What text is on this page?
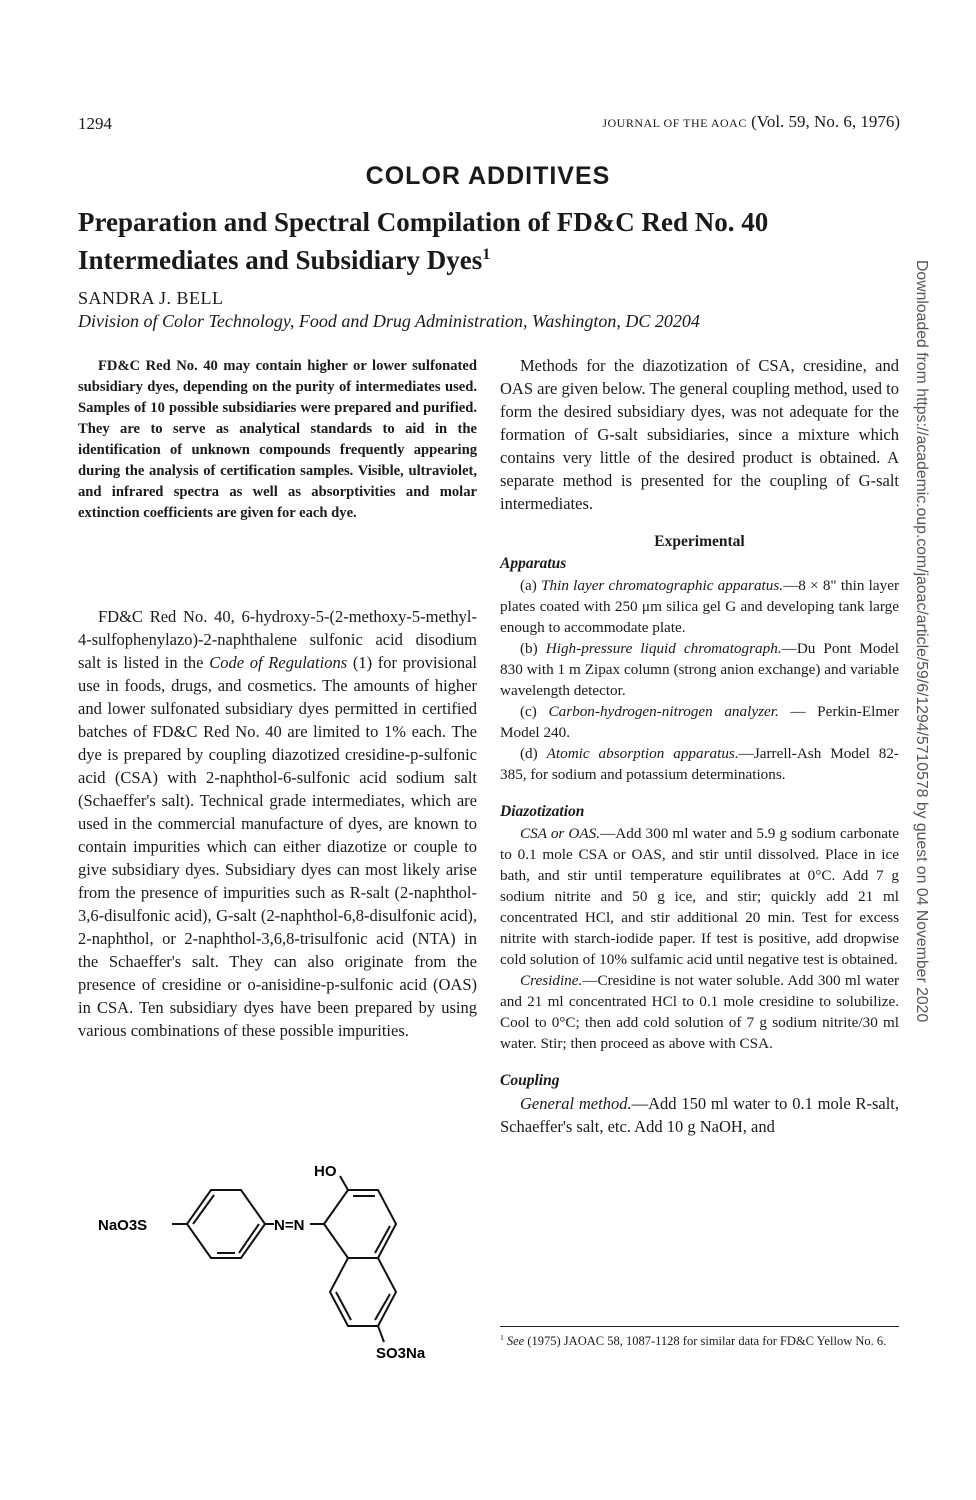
1294	JOURNAL OF THE AOAC (Vol. 59, No. 6, 1976)
COLOR ADDITIVES
Preparation and Spectral Compilation of FD&C Red No. 40 Intermediates and Subsidiary Dyes$^1$
SANDRA J. BELL
Division of Color Technology, Food and Drug Administration, Washington, DC 20204
FD&C Red No. 40 may contain higher or lower sulfonated subsidiary dyes, depending on the purity of intermediates used. Samples of 10 possible subsidiaries were prepared and purified. They are to serve as analytical standards to aid in the identification of unknown compounds frequently appearing during the analysis of certification samples. Visible, ultraviolet, and infrared spectra as well as absorptivities and molar extinction coefficients are given for each dye.

FD&C Red No. 40, 6-hydroxy-5-(2-methoxy-5-methyl-4-sulfophenylazo)-2-naphthalene sulfonic acid disodium salt is listed in the Code of Regulations (1) for provisional use in foods, drugs, and cosmetics. The amounts of higher and lower sulfonated subsidiary dyes permitted in certified batches of FD&C Red No. 40 are limited to 1% each. The dye is prepared by coupling diazotized cresidine-p-sulfonic acid (CSA) with 2-naphthol-6-sulfonic acid sodium salt (Schaeffer's salt). Technical grade intermediates, which are used in the commercial manufacture of dyes, are known to contain impurities which can either diazotize or couple to give subsidiary dyes. Subsidiary dyes can most likely arise from the presence of impurities such as R-salt (2-naphthol-3,6-disulfonic acid), G-salt (2-naphthol-6,8-disulfonic acid), 2-naphthol, or 2-naphthol-3,6,8-trisulfonic acid (NTA) in the Schaeffer's salt. They can also originate from the presence of cresidine or o-anisidine-p-sulfonic acid (OAS) in CSA. Ten subsidiary dyes have been prepared by using various combinations of these possible impurities.

HO
NaO3S	N=N
SO3Na

Methods for the diazotization of CSA, cresidine, and OAS are given below. The general coupling method, used to form the desired subsidiary dyes, was not adequate for the formation of G-salt subsidiaries, since a mixture which contains very little of the desired product is obtained. A separate method is presented for the coupling of G-salt intermediates.

Experimental

Apparatus

(a) Thin layer chromatographic apparatus.—8 × 8" thin layer plates coated with 250 μm silica gel G and developing tank large enough to accommodate plate.

(b) High-pressure liquid chromatograph.—Du Pont Model 830 with 1 m Zipax column (strong anion exchange) and variable wavelength detector.

(c) Carbon-hydrogen-nitrogen analyzer. — Perkin-Elmer Model 240.

(d) Atomic absorption apparatus.—Jarrell-Ash Model 82-385, for sodium and potassium determinations.

Diazotization

CSA or OAS.—Add 300 ml water and 5.9 g sodium carbonate to 0.1 mole CSA or OAS, and stir until dissolved. Place in ice bath, and stir until temperature equilibrates at 0°C. Add 7 g sodium nitrite and 50 g ice, and stir; quickly add 21 ml concentrated HCl, and stir additional 20 min. Test for excess nitrite with starch-iodide paper. If test is positive, add dropwise cold solution of 10% sulfamic acid until negative test is obtained.

Cresidine.—Cresidine is not water soluble. Add 300 ml water and 21 ml concentrated HCl to 0.1 mole cresidine to solubilize. Cool to 0°C; then add cold solution of 7 g sodium nitrite/30 ml water. Stir; then proceed as above with CSA.

Coupling

General method.—Add 150 ml water to 0.1 mole R-salt, Schaeffer's salt, etc. Add 10 g NaOH, and

$^1$ See (1975) JAOAC 58, 1087-1128 for similar data for FD&C Yellow No. 6.
Downloaded from https://academic.oup.com/jaoac/article/59/6/1294/5710578 by guest on 04 November 2020
